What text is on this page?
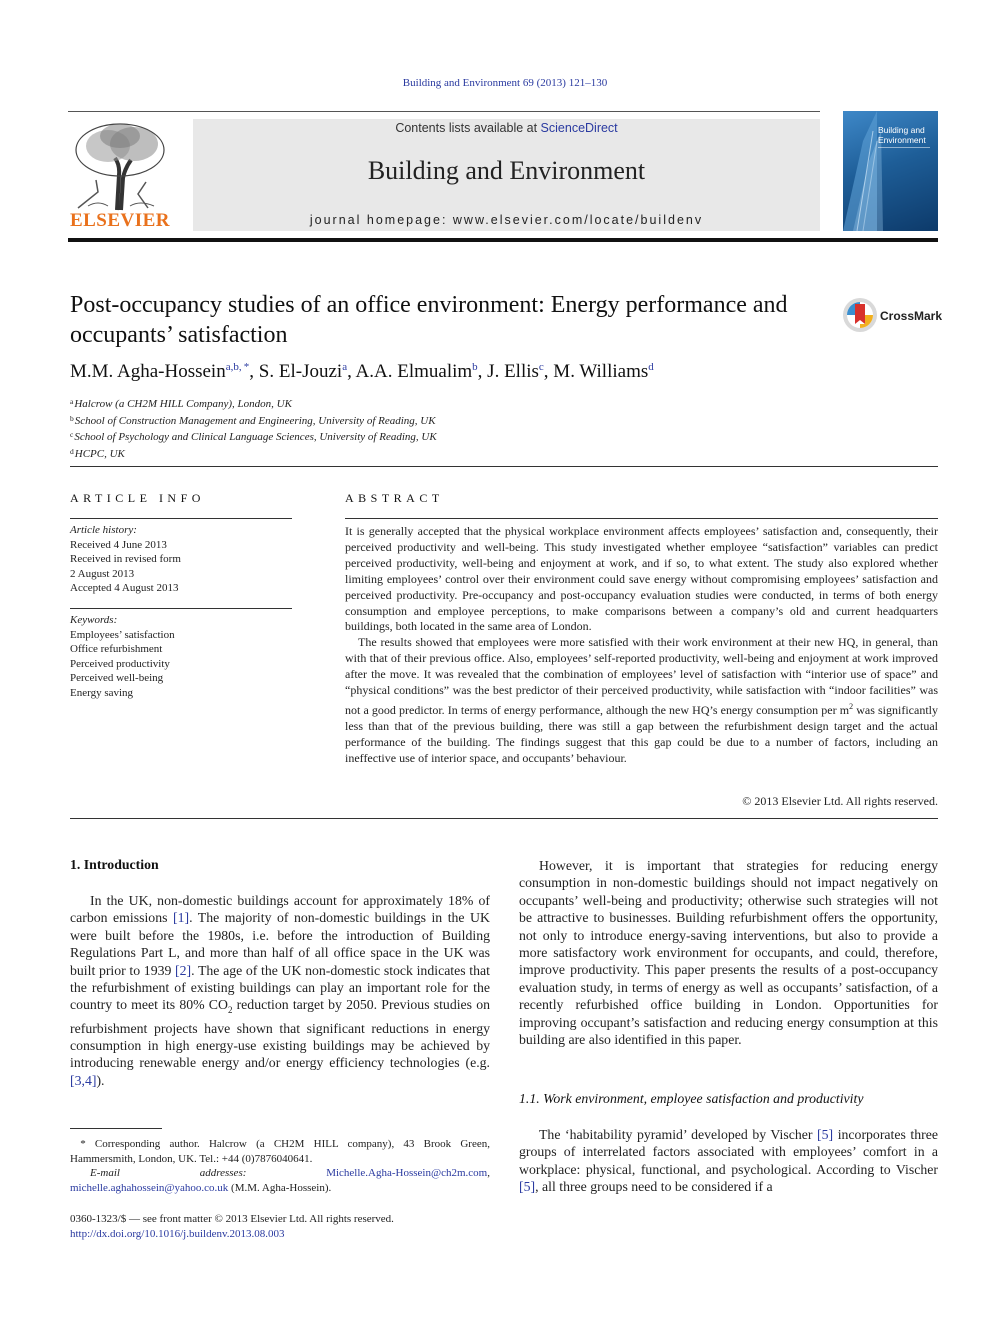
Building and Environment 69 (2013) 121–130
ELSEVIER
Contents lists available at ScienceDirect
Building and Environment
journal homepage: www.elsevier.com/locate/buildenv
Building and
Environment
Post-occupancy studies of an office environment: Energy performance and occupants’ satisfaction
CrossMark
M.M. Agha-Hossein$^{a,b, *}$, S. El-Jouzi$^a$, A.A. Elmualim$^b$, J. Ellis$^c$, M. Williams$^d$
$^a$Halcrow (a CH2M HILL Company), London, UK
$^b$School of Construction Management and Engineering, University of Reading, UK
$^c$School of Psychology and Clinical Language Sciences, University of Reading, UK
$^d$HCPC, UK
ARTICLE INFO
Article history:
Received 4 June 2013
Received in revised form
2 August 2013
Accepted 4 August 2013
Keywords:
Employees’ satisfaction
Office refurbishment
Perceived productivity
Perceived well-being
Energy saving
ABSTRACT

It is generally accepted that the physical workplace environment affects employees’ satisfaction and, consequently, their perceived productivity and well-being. This study investigated whether employee “satisfaction” variables can predict perceived productivity, well-being and enjoyment at work, and if so, to what extent. The study also explored whether limiting employees’ control over their environment could save energy without compromising employees’ satisfaction and perceived productivity. Pre-occupancy and post-occupancy evaluation studies were conducted, in terms of both energy consumption and employee perceptions, to make comparisons between a company’s old and current headquarters buildings, both located in the same area of London.

The results showed that employees were more satisfied with their work environment at their new HQ, in general, than with that of their previous office. Also, employees’ self-reported productivity, well-being and enjoyment at work improved after the move. It was revealed that the combination of employees’ level of satisfaction with “interior use of space” and “physical conditions” was the best predictor of their perceived productivity, while satisfaction with “indoor facilities” was not a good predictor. In terms of energy performance, although the new HQ’s energy consumption per $m^2$ was significantly less than that of the previous building, there was still a gap between the refurbishment design target and the actual performance of the building. The findings suggest that this gap could be due to a number of factors, including an ineffective use of interior space, and occupants’ behaviour.

© 2013 Elsevier Ltd. All rights reserved.
1. Introduction

In the UK, non-domestic buildings account for approximately 18% of carbon emissions [1]. The majority of non-domestic buildings in the UK were built before the 1980s, i.e. before the introduction of Building Regulations Part L, and more than half of all office space in the UK was built prior to 1939 [2]. The age of the UK non-domestic stock indicates that the refurbishment of existing buildings can play an important role for the country to meet its 80% $CO_2$ reduction target by 2050. Previous studies on refurbishment projects have shown that significant reductions in energy consumption in high energy-use existing buildings may be achieved by introducing renewable energy and/or energy efficiency technologies (e.g. [3,4]).

However, it is important that strategies for reducing energy consumption in non-domestic buildings should not impact negatively on occupants’ well-being and productivity; otherwise such strategies will not be attractive to businesses. Building refurbishment offers the opportunity, not only to introduce energy-saving interventions, but also to provide a more satisfactory work environment for occupants, and could, therefore, improve productivity. This paper presents the results of a post-occupancy evaluation study, in terms of energy as well as occupants’ satisfaction, of a recently refurbished office building in London. Opportunities for improving occupant’s satisfaction and reducing energy consumption at this building are also identified in this paper.

1.1. Work environment, employee satisfaction and productivity

The ‘habitability pyramid’ developed by Vischer [5] incorporates three groups of interrelated factors associated with employees’ comfort in a workplace: physical, functional, and psychological. According to Vischer [5], all three groups need to be considered if a

 * Corresponding author. Halcrow (a CH2M HILL company), 43 Brook Green, Hammersmith, London, UK. Tel.: +44 (0)7876040641.
E-mail addresses:	Michelle.Agha-Hossein@ch2m.com, michelle.aghahossein@yahoo.co.uk (M.M. Agha-Hossein).
0360-1323/$ — see front matter © 2013 Elsevier Ltd. All rights reserved.
http://dx.doi.org/10.1016/j.buildenv.2013.08.003
